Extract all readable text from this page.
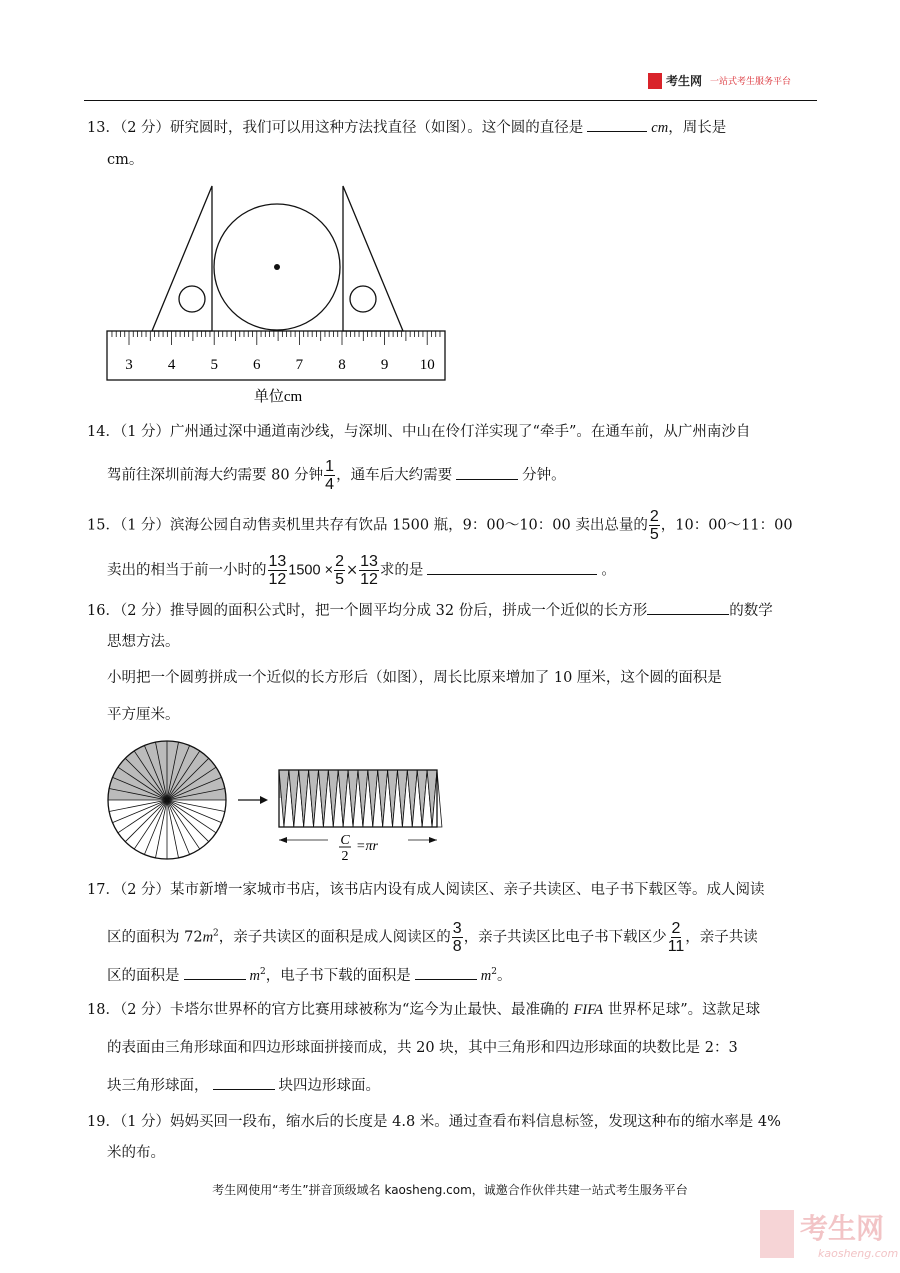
考生网 一站式考生服务平台
13．（2 分）研究圆时，我们可以用这种方法找直径（如图）。这个圆的直径是	cm，周长是
cm。
3 4 5 6 7 8 9 10
单位cm
14．（1 分）广州通过深中通道南沙线，与深圳、中山在伶仃洋实现了“牵手”。在通车前，从广州南沙自
驾前往深圳前海大约需要 80 分钟 $\frac{1}{4}$ ，通车后大约需要	分钟。
15．（1 分）滨海公园自动售卖机里共存有饮品 1500 瓶，9：00～10：00 卖出总量的 $\frac{2}{5}$ ，10：00～11：00
卖出的相当于前一小时的 $\frac{13}{12} 1500 \times \frac{2}{5} \times \frac{13}{12}$ 求的是	。
16．（2 分）推导圆的面积公式时，把一个圆平均分成 32 份后，拼成一个近似的长方形	的数学
思想方法。
小明把一个圆剪拼成一个近似的长方形后（如图），周长比原来增加了 10 厘米，这个圆的面积是
平方厘米。
C
2
=πr
17．（2 分）某市新增一家城市书店，该书店内设有成人阅读区、亲子共读区、电子书下载区等。成人阅读
区的面积为 $72m^2$，亲子共读区的面积是成人阅读区的 $\frac{3}{8}$ ，亲子共读区比电子书下载区少 $\frac{2}{11}$ ，亲子共读
区的面积是	$m^2$，电子书下载的面积是	$m^2$。
18．（2 分）卡塔尔世界杯的官方比赛用球被称为“迄今为止最快、最准确的 FIFA 世界杯足球”。这款足球
的表面由三角形球面和四边形球面拼接而成，共 20 块，其中三角形和四边形球面的块数比是 2：3
块三角形球面，	块四边形球面。
19．（1 分）妈妈买回一段布，缩水后的长度是 4.8 米。通过查看布料信息标签，发现这种布的缩水率是 4%
米的布。
考生网使用“考生”拼音顶级域名 kaosheng.com，诚邀合作伙伴共建一站式考生服务平台
考生网
kaosheng.com
